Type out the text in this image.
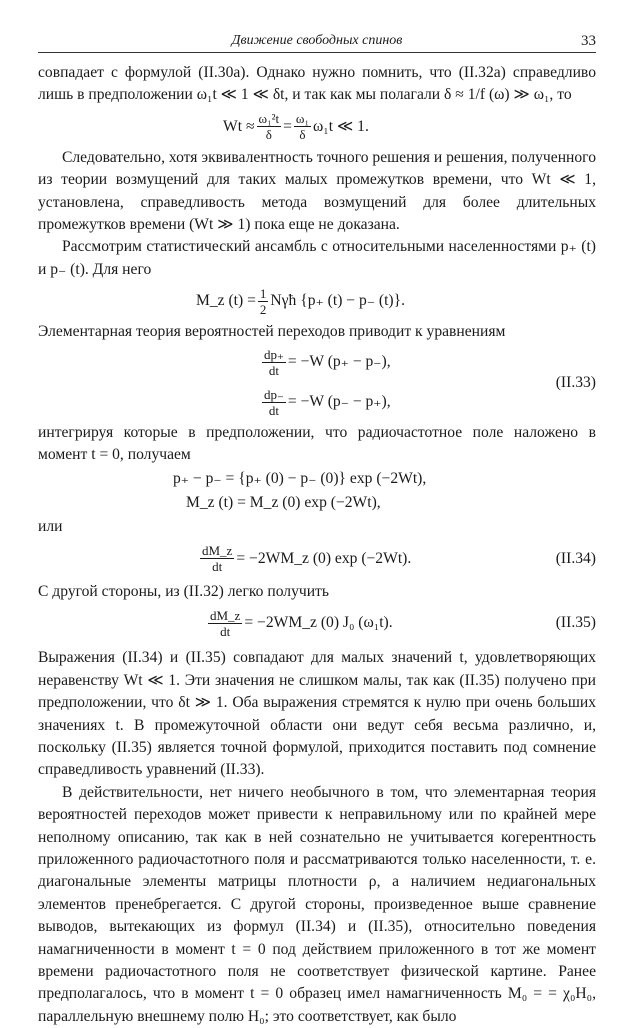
Движение свободных спинов	33

совпадает с формулой (II.30a). Однако нужно помнить, что (II.32a) справедливо лишь в предположении ω₁t ≪ 1 ≪ δt, и так как мы полагали δ ≈ 1/f (ω) ≫ ω₁, то

$Wt \approx \frac{\text{ω₁²t}}{\delta} = \frac{\text{ω₁}}{\delta} \omega_1t$ ≪ 1.

Следовательно, хотя эквивалентность точного решения и решения, полученного из теории возмущений для таких малых промежутков времени, что Wt ≪ 1, установлена, справедливость метода возмущений для более длительных промежутков времени (Wt ≫ 1) пока еще не доказана.

Рассмотрим статистический ансамбль с относительными населенностями p₊ (t) и p₋ (t). Для него

M_z $(t) = \frac{1}{2}$ Nγħ {p₊ (t) − p₋ (t)}.

Элементарная теория вероятностей переходов приводит к уравнениям

$\frac{dp_+}{dt} = -W$ (p₊ − p₋),
$\frac{dp_-}{dt} = -W$ (p₋ − p₊),
(II.33)

интегрируя которые в предположении, что радиочастотное поле наложено в момент t = 0, получаем

p₊ − p₋ = {p₊ (0) − p₋ (0)} exp (−2Wt),
M_z (t) = M_z (0) exp (−2Wt),

или

$\frac{dM\_z}{dt}$ = −2WM_z (0) exp (−2Wt).	(II.34)

С другой стороны, из (II.32) легко получить

$\frac{dM\_z}{dt}$ = −2WM_z (0) J₀ (ω₁t).	(II.35)

Выражения (II.34) и (II.35) совпадают для малых значений t, удовлетворяющих неравенству Wt ≪ 1. Эти значения не слишком малы, так как (II.35) получено при предположении, что δt ≫ 1. Оба выражения стремятся к нулю при очень больших значениях t. В промежуточной области они ведут себя весьма различно, и, поскольку (II.35) является точной формулой, приходится поставить под сомнение справедливость уравнений (II.33).

В действительности, нет ничего необычного в том, что элементарная теория вероятностей переходов может привести к неправильному или по крайней мере неполному описанию, так как в ней сознательно не учитывается когерентность приложенного радиочастотного поля и рассматриваются только населенности, т. е. диагональные элементы матрицы плотности ρ, а наличием недиагональных элементов пренебрегается. С другой стороны, произведенное выше сравнение выводов, вытекающих из формул (II.34) и (II.35), относительно поведения намагниченности в момент t = 0 под действием приложенного в тот же момент времени радиочастотного поля не соответствует физической картине. Ранее предполагалось, что в момент t = 0 образец имел намагниченность M₀ = = χ₀H₀, параллельную внешнему полю H₀; это соответствует, как было
